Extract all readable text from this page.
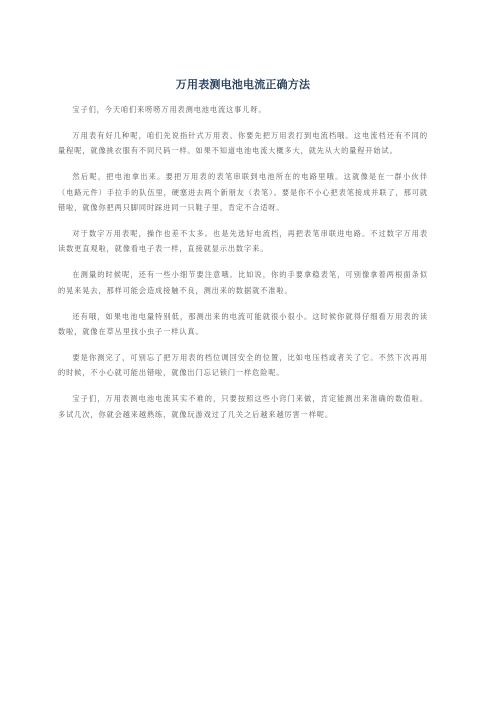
万用表测电池电流正确方法

宝子们，今天咱们来唠唠万用表测电池电流这事儿呀。

万用表有好几种呢，咱们先说指针式万用表。你要先把万用表打到电流档哦。这电流档还有不同的量程呢，就像挑衣服有不同尺码一样。如果不知道电池电流大概多大，就先从大的量程开始试。

然后呢，把电池拿出来。要把万用表的表笔串联到电池所在的电路里哦。这就像是在一群小伙伴（电路元件）手拉手的队伍里，硬塞进去两个新朋友（表笔）。要是你不小心把表笔接成并联了，那可就错啦，就像你把两只脚同时踩进同一只鞋子里，肯定不合适呀。

对于数字万用表呢，操作也差不太多。也是先选好电流档，再把表笔串联进电路。不过数字万用表读数更直观啦，就像看电子表一样，直接就显示出数字来。

在测量的时候呢，还有一些小细节要注意哦。比如说，你的手要拿稳表笔，可别像拿着两根面条似的晃来晃去，那样可能会造成接触不良，测出来的数据就不准啦。

还有哦，如果电池电量特别低，那测出来的电流可能就很小很小。这时候你就得仔细看万用表的读数啦，就像在草丛里找小虫子一样认真。

要是你测完了，可别忘了把万用表的档位调回安全的位置，比如电压档或者关了它。不然下次再用的时候，不小心就可能出错啦，就像出门忘记锁门一样危险呢。

宝子们，万用表测电池电流其实不难的，只要按照这些小窍门来做，肯定能测出来准确的数值啦。多试几次，你就会越来越熟练，就像玩游戏过了几关之后越来越厉害一样呢。
